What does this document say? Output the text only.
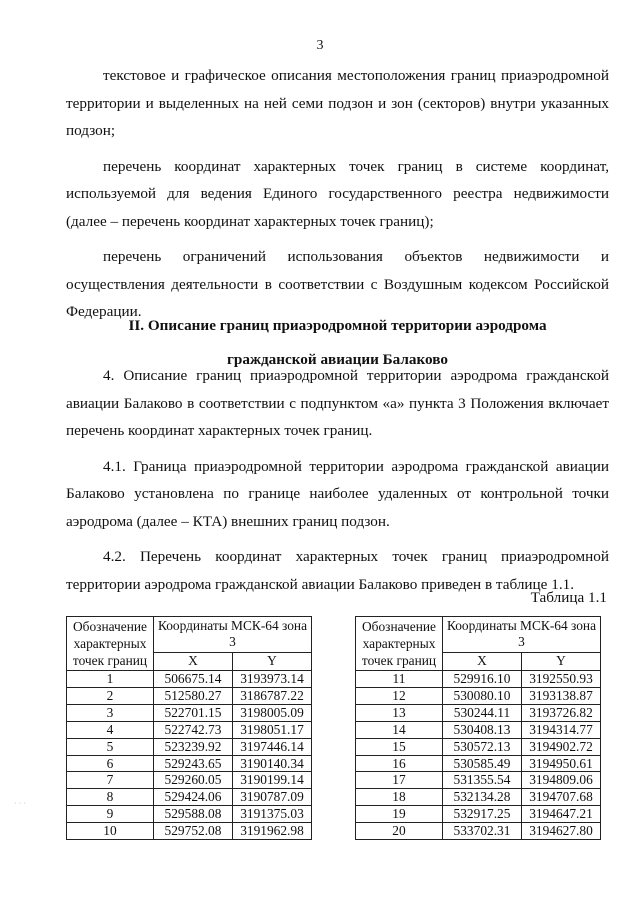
3

текстовое и графическое описания местоположения границ приаэродромной территории и выделенных на ней семи подзон и зон (секторов) внутри указанных подзон;

перечень координат характерных точек границ в системе координат, используемой для ведения Единого государственного реестра недвижимости (далее – перечень координат характерных точек границ);

перечень ограничений использования объектов недвижимости и осуществления деятельности в соответствии с Воздушным кодексом Российской Федерации.

II. Описание границ приаэродромной территории аэродрома

гражданской авиации Балаково

4. Описание границ приаэродромной территории аэродрома гражданской авиации Балаково в соответствии с подпунктом «а» пункта 3 Положения включает перечень координат характерных точек границ.

4.1. Граница приаэродромной территории аэродрома гражданской авиации Балаково установлена по границе наиболее удаленных от контрольной точки аэродрома (далее – КТА) внешних границ подзон.

4.2. Перечень координат характерных точек границ приаэродромной территории аэродрома гражданской авиации Балаково приведен в таблице 1.1.

Таблица 1.1
Обозначение характерных точек границ	Координаты МСК-64 зона 3	
	X	Y
1	506675.14	3193973.14
2	512580.27	3186787.22
3	522701.15	3198005.09
4	522742.73	3198051.17
5	523239.92	3197446.14
6	529243.65	3190140.34
7	529260.05	3190199.14
8	529424.06	3190787.09
9	529588.08	3191375.03
10	529752.08	3191962.98
Обозначение характерных точек границ	Координаты МСК-64 зона 3	
	X	Y
11	529916.10	3192550.93
12	530080.10	3193138.87
13	530244.11	3193726.82
14	530408.13	3194314.77
15	530572.13	3194902.72
16	530585.49	3194950.61
17	531355.54	3194809.06
18	532134.28	3194707.68
19	532917.25	3194647.21
20	533702.31	3194627.80
· · ·
